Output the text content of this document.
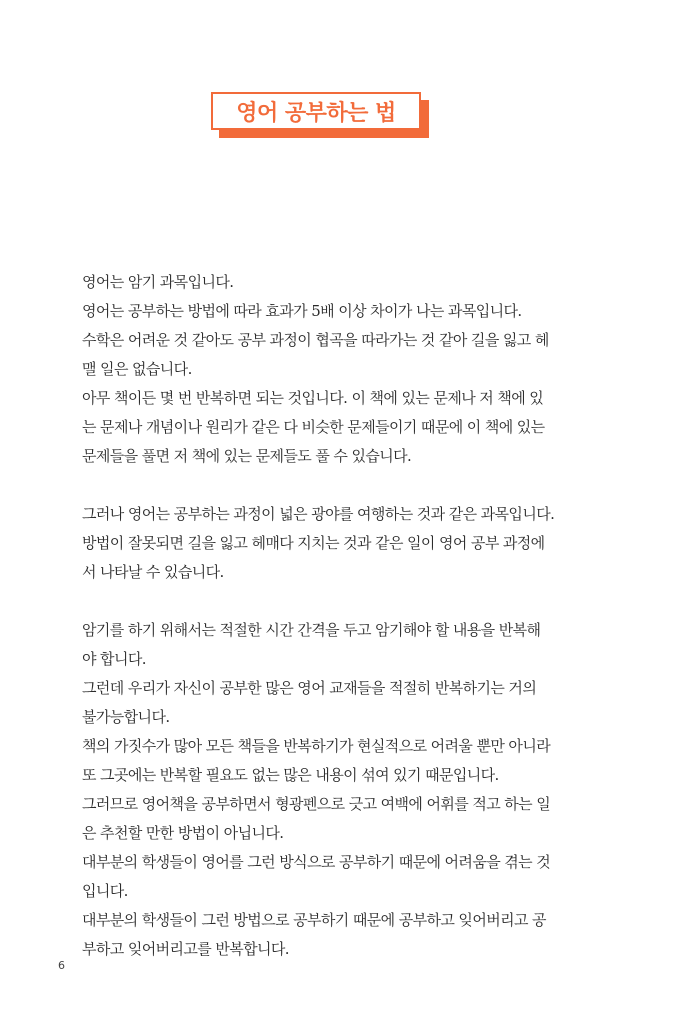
영어 공부하는 법

영어는 암기 과목입니다.
영어는 공부하는 방법에 따라 효과가 5배 이상 차이가 나는 과목입니다.
수학은 어려운 것 같아도 공부 과정이 협곡을 따라가는 것 같아 길을 잃고 헤
맬 일은 없습니다.
아무 책이든 몇 번 반복하면 되는 것입니다. 이 책에 있는 문제나 저 책에 있
는 문제나 개념이나 원리가 같은 다 비슷한 문제들이기 때문에 이 책에 있는
문제들을 풀면 저 책에 있는 문제들도 풀 수 있습니다.

그러나 영어는 공부하는 과정이 넓은 광야를 여행하는 것과 같은 과목입니다.
방법이 잘못되면 길을 잃고 헤매다 지치는 것과 같은 일이 영어 공부 과정에
서 나타날 수 있습니다.

암기를 하기 위해서는 적절한 시간 간격을 두고 암기해야 할 내용을 반복해
야 합니다.
그런데 우리가 자신이 공부한 많은 영어 교재들을 적절히 반복하기는 거의
불가능합니다.
책의 가짓수가 많아 모든 책들을 반복하기가 현실적으로 어려울 뿐만 아니라
또 그곳에는 반복할 필요도 없는 많은 내용이 섞여 있기 때문입니다.
그러므로 영어책을 공부하면서 형광펜으로 긋고 여백에 어휘를 적고 하는 일
은 추천할 만한 방법이 아닙니다.
대부분의 학생들이 영어를 그런 방식으로 공부하기 때문에 어려움을 겪는 것
입니다.
대부분의 학생들이 그런 방법으로 공부하기 때문에 공부하고 잊어버리고 공
부하고 잊어버리고를 반복합니다.

6
